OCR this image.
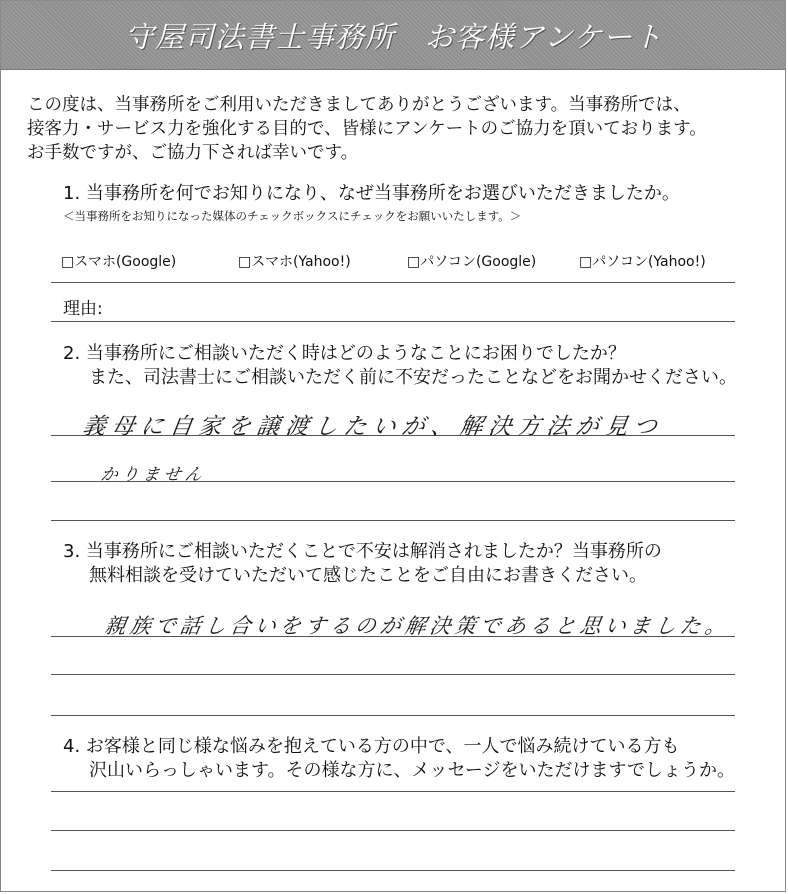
守屋司法書士事務所　お客様アンケート
この度は、当事務所をご利用いただきましてありがとうございます。当事務所では、
接客力・サービス力を強化する目的で、皆様にアンケートのご協力を頂いております。
お手数ですが、ご協力下されば幸いです。
1. 当事務所を何でお知りになり、なぜ当事務所をお選びいただきましたか。
＜当事務所をお知りになった媒体のチェックボックスにチェックをお願いいたします。＞
□スマホ(Google)	□スマホ(Yahoo!)	□パソコン(Google)	□パソコン(Yahoo!)
理由:
2. 当事務所にご相談いただく時はどのようなことにお困りでしたか？
また、司法書士にご相談いただく前に不安だったことなどをお聞かせください。
義母に自家を譲渡したいが、解決方法が見つ
かりません
3. 当事務所にご相談いただくことで不安は解消されましたか？当事務所の
無料相談を受けていただいて感じたことをご自由にお書きください。
親族で話し合いをするのが解決策であると思いました。
4. お客様と同じ様な悩みを抱えている方の中で、一人で悩み続けている方も
沢山いらっしゃいます。その様な方に、メッセージをいただけますでしょうか。
